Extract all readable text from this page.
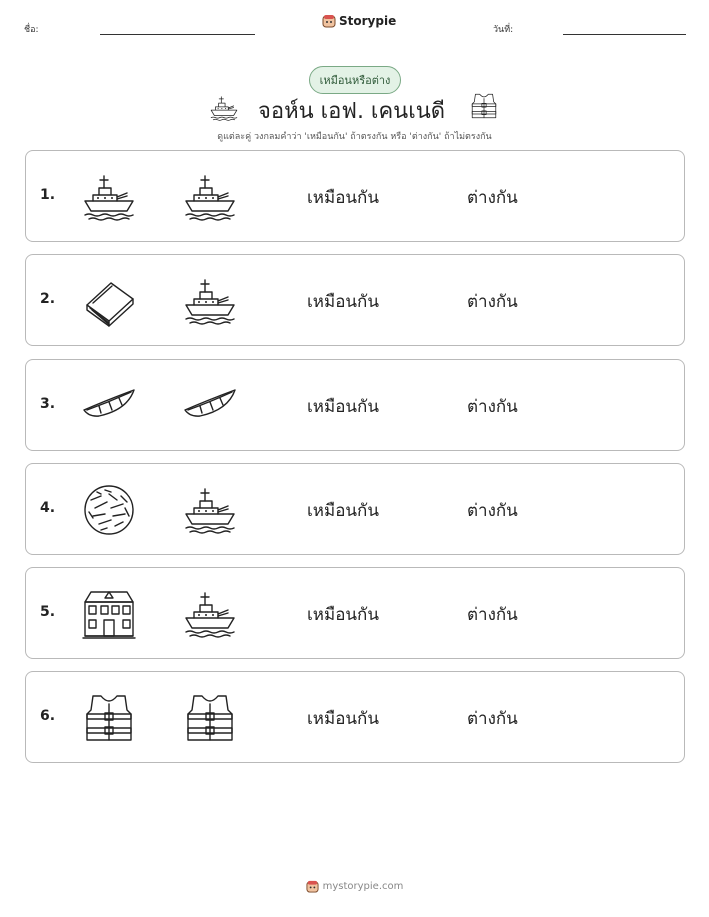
ชื่อ:
Storypie
วันที่:
เหมือนหรือต่าง
จอห์น เอฟ. เคนเนดี
ดูแต่ละคู่ วงกลมคำว่า 'เหมือนกัน' ถ้าตรงกัน หรือ 'ต่างกัน' ถ้าไม่ตรงกัน
1.	เหมือนกัน	ต่างกัน
2.	เหมือนกัน	ต่างกัน
3.	เหมือนกัน	ต่างกัน
4.	เหมือนกัน	ต่างกัน
5.	เหมือนกัน	ต่างกัน
6.	เหมือนกัน	ต่างกัน
mystorypie.com
